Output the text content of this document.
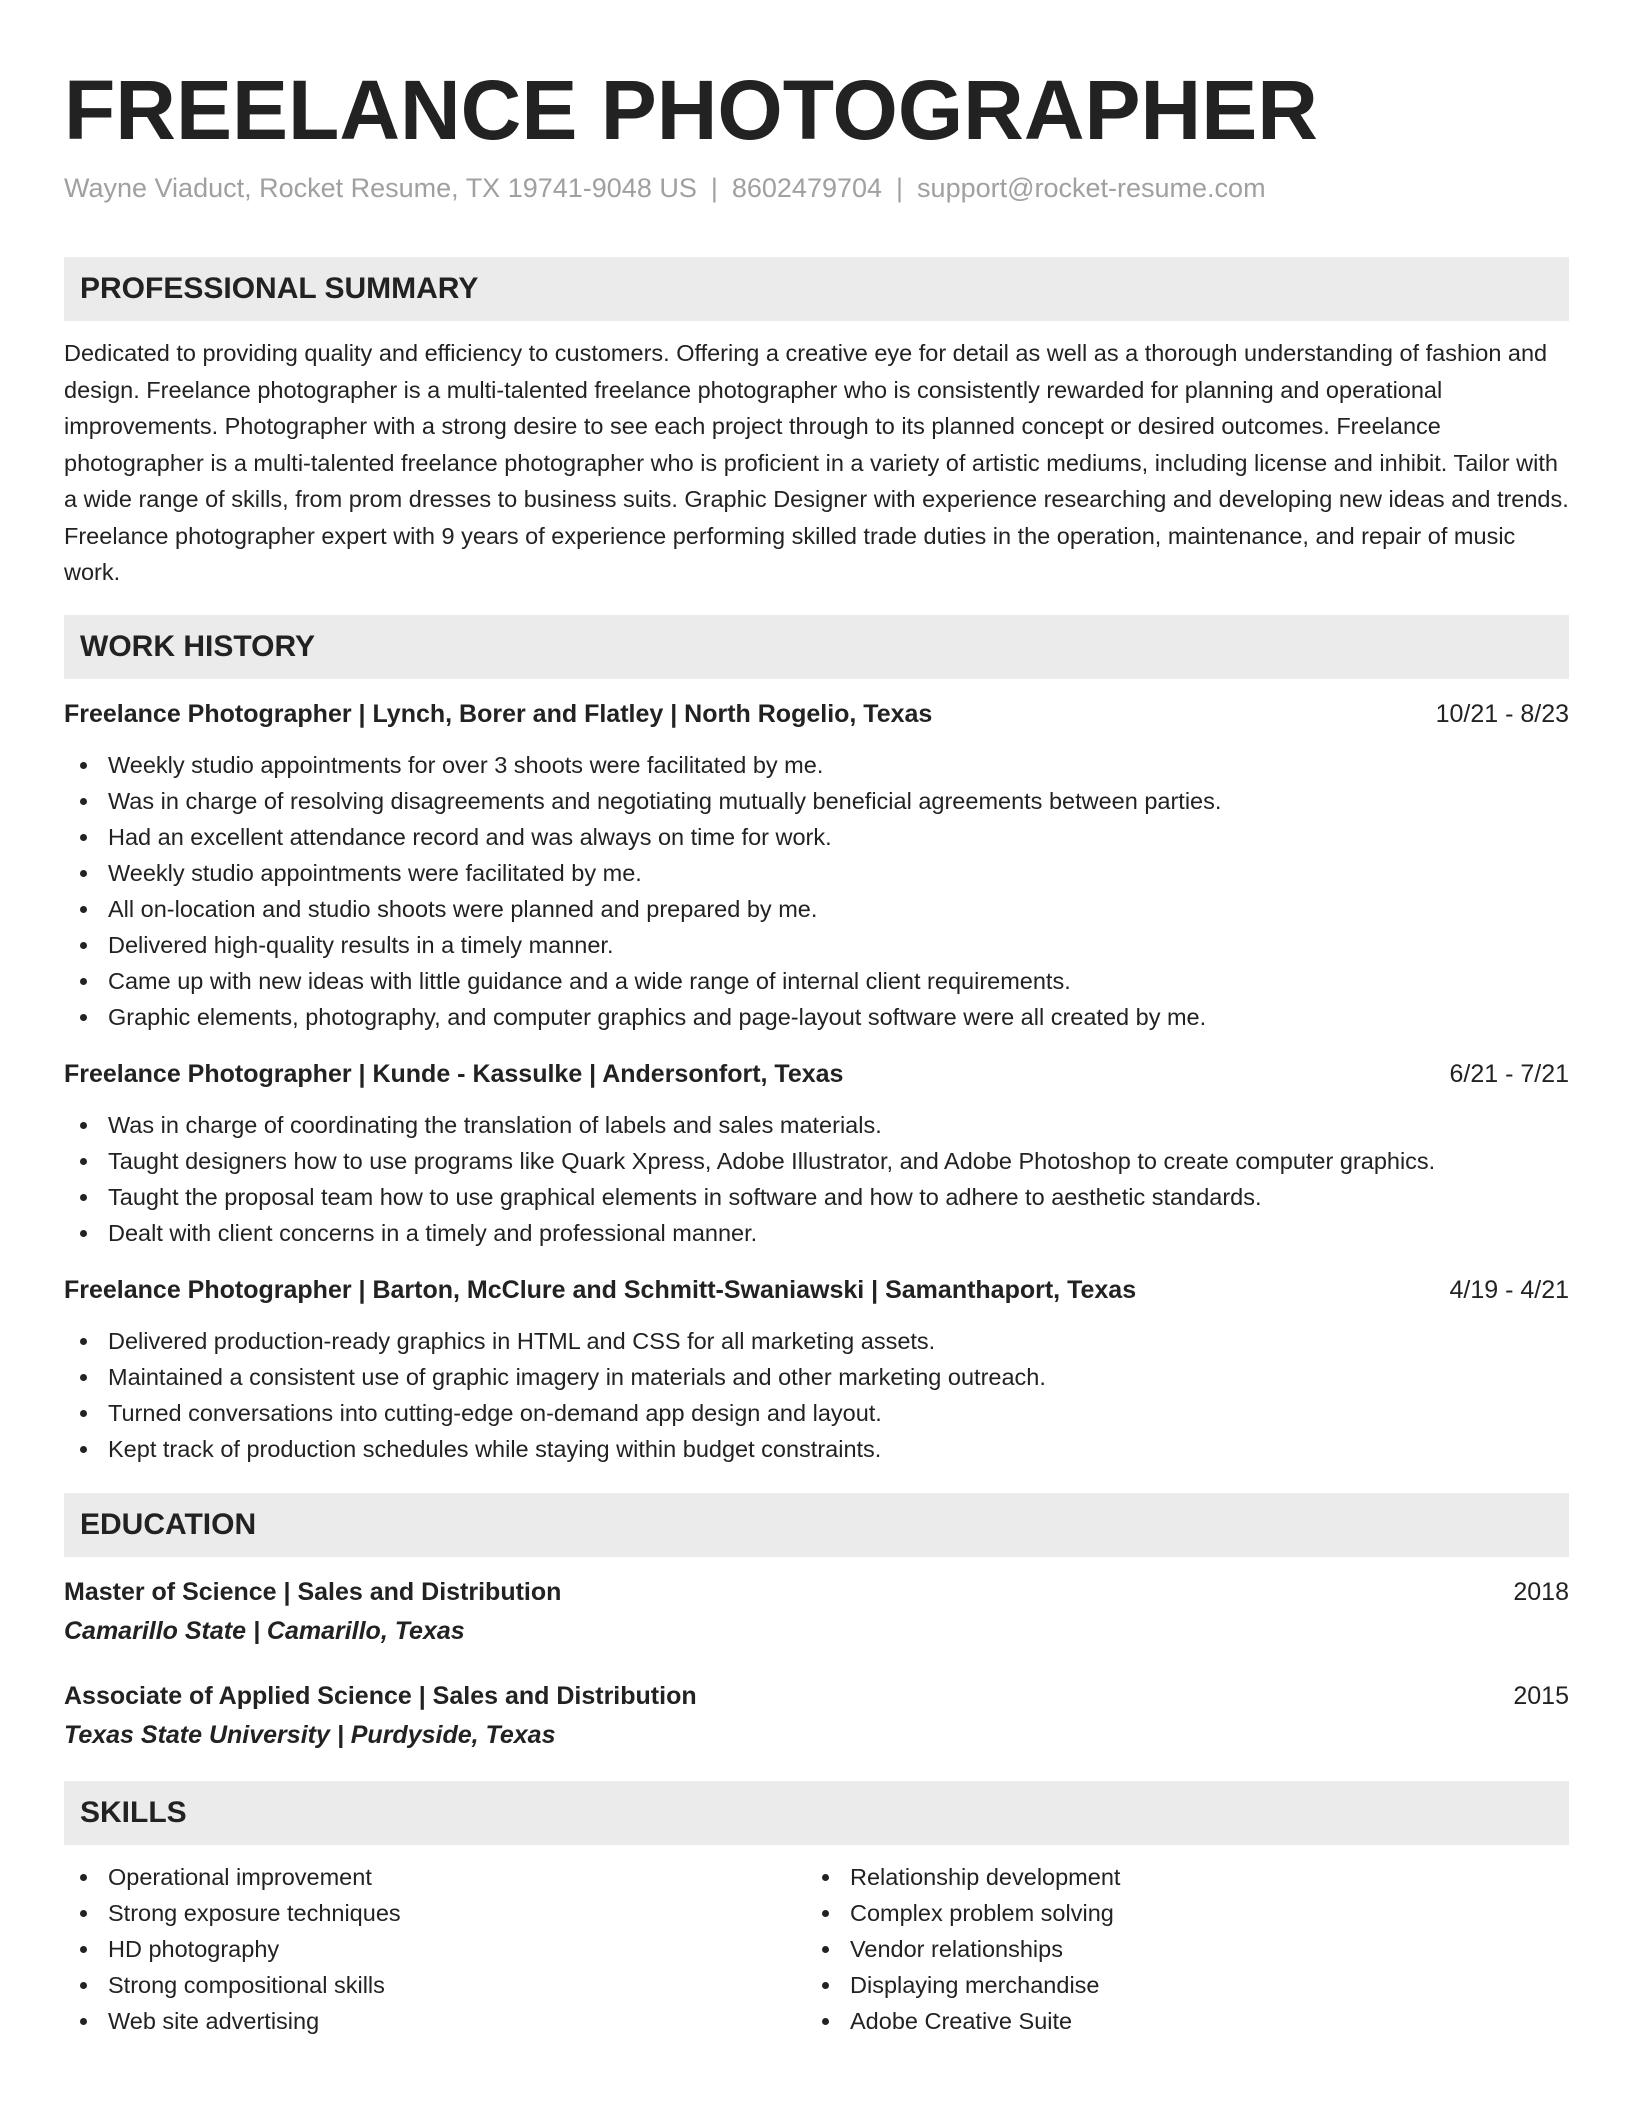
FREELANCE PHOTOGRAPHER
Wayne Viaduct, Rocket Resume, TX 19741-9048 US | 8602479704 | support@rocket-resume.com
PROFESSIONAL SUMMARY

Dedicated to providing quality and efficiency to customers. Offering a creative eye for detail as well as a thorough understanding of fashion and design. Freelance photographer is a multi-talented freelance photographer who is consistently rewarded for planning and operational improvements. Photographer with a strong desire to see each project through to its planned concept or desired outcomes. Freelance photographer is a multi-talented freelance photographer who is proficient in a variety of artistic mediums, including license and inhibit. Tailor with a wide range of skills, from prom dresses to business suits. Graphic Designer with experience researching and developing new ideas and trends. Freelance photographer expert with 9 years of experience performing skilled trade duties in the operation, maintenance, and repair of music work.

WORK HISTORY
Freelance Photographer | Lynch, Borer and Flatley | North Rogelio, Texas	10/21 - 8/23
Weekly studio appointments for over 3 shoots were facilitated by me.
Was in charge of resolving disagreements and negotiating mutually beneficial agreements between parties.
Had an excellent attendance record and was always on time for work.
Weekly studio appointments were facilitated by me.
All on-location and studio shoots were planned and prepared by me.
Delivered high-quality results in a timely manner.
Came up with new ideas with little guidance and a wide range of internal client requirements.
Graphic elements, photography, and computer graphics and page-layout software were all created by me.
Freelance Photographer | Kunde - Kassulke | Andersonfort, Texas	6/21 - 7/21
Was in charge of coordinating the translation of labels and sales materials.
Taught designers how to use programs like Quark Xpress, Adobe Illustrator, and Adobe Photoshop to create computer graphics.
Taught the proposal team how to use graphical elements in software and how to adhere to aesthetic standards.
Dealt with client concerns in a timely and professional manner.
Freelance Photographer | Barton, McClure and Schmitt-Swaniawski | Samanthaport, Texas	4/19 - 4/21
Delivered production-ready graphics in HTML and CSS for all marketing assets.
Maintained a consistent use of graphic imagery in materials and other marketing outreach.
Turned conversations into cutting-edge on-demand app design and layout.
Kept track of production schedules while staying within budget constraints.
EDUCATION
Master of Science | Sales and Distribution	2018
Camarillo State | Camarillo, Texas
Associate of Applied Science | Sales and Distribution	2015
Texas State University | Purdyside, Texas
SKILLS
Operational improvement
Strong exposure techniques
HD photography
Strong compositional skills
Web site advertising
Relationship development
Complex problem solving
Vendor relationships
Displaying merchandise
Adobe Creative Suite
